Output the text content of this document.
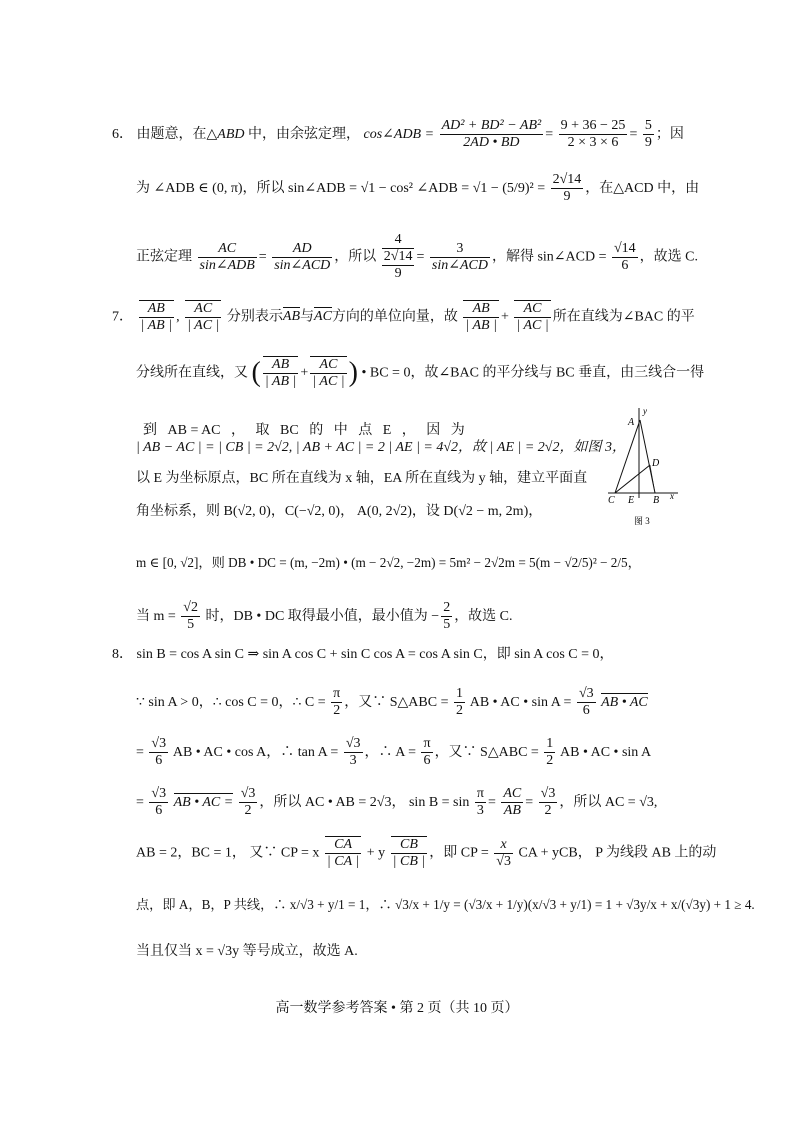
6． 由题意，在△ABD 中，由余弦定理， cos∠ADB = $\frac{\text{AD² + BD² − AB²}}{2AD • BD} = \frac{9 + 36 - 25}{2 \times 3 \times 6} = \frac{5}{9}$ ；因
为 ∠ADB ∈ (0, π)，所以 sin∠ADB = √1 − cos² ∠ADB = $√1 - (5/9)^2 = \frac{2√14}{9}$ ，在△ACD 中，由
正弦定理 $\frac{AC}{\text{sin∠ADB}} = \frac{AD}{\text{sin∠ACD}}$ ，所以
4
2√14
9
= $\frac{3}{\text{sin∠ACD}}$ ，解得 sin∠ACD = $\frac{√14}{6}$ ，故选 C.
7． $\frac{AB}{| AB |}$ , $\frac{AC}{| AC |}$ 分别表示AB与AC方向的单位向量，故 $\frac{AB}{| AB |} + \frac{AC}{| AC |}$ 所在直线为∠BAC 的平
分线所在直线，又 ( $\frac{AB}{| AB |} + \frac{AC}{| AC |}$ ) • BC = 0，故∠BAC 的平分线与 BC 垂直，由三线合一得

到   AB = AC   ，   取   BC   的   中   点   E   ，   因   为

| AB − AC | = | CB | = 2√2, | AB + AC | = 2 | AE | = 4√2，故 | AE | = 2√2，如图 3，
以 E 为坐标原点，BC 所在直线为 x 轴，EA 所在直线为 y 轴，建立平面直
角坐标系，则 B(√2, 0)，C(−√2, 0)， A(0, 2√2)，设 D(√2 − m, 2m)，
m ∈ [0, √2]，则 DB • DC = (m, −2m) • (m − 2√2, −2m) = 5m² − 2√2m = 5(m − √2/5)² − 2/5，
当 $m = \frac{√2}{5}$ 时，DB • DC 取得最小值，最小值为 − $\frac{2}{5}$ ，故选 C.
y
A
D
C E B x
图 3
8． sin B = cos A sin C ⇒ sin A cos C + sin C cos A = cos A sin C，即 sin A cos C = 0，
∵ sin A > 0，∴ cos C = 0，∴ $C = \frac{\pi}{2}$ ，又∵ S△ABC = $\frac{1}{2}$ AB • AC • $\sin A = \frac{√3}{6}$ AB • AC
= $\frac{√3}{6}$ AB • AC • cos A，∴ $\tan A = \frac{√3}{3}$ ，∴ $A = \frac{\pi}{6}$ ，又∵ S△ABC = $\frac{1}{2}$ AB • AC • sin A
= $\frac{√3}{6}$ AB • AC = $\frac{√3}{2}$ ，所以 AC • AB = 2√3， $\sin B = \sin \frac{\pi}{3} = \frac{AC}{AB} = \frac{√3}{2}$ ，所以 AC = √3,
AB = 2，BC = 1， 又∵ CP = x $\frac{CA}{| CA |} + y \frac{CB}{| CB |}$ ，即 CP = $\frac{x}{√3}$ CA + yCB， P 为线段 AB 上的动
点，即 A，B，P 共线，∴ x/√3 + y/1 = 1，∴ √3/x + 1/y = (√3/x + 1/y)(x/√3 + y/1) = 1 + √3y/x + x/(√3y) + 1 ≥ 4.
当且仅当 x = √3y 等号成立，故选 A.
高一数学参考答案 • 第 2 页（共 10 页）
